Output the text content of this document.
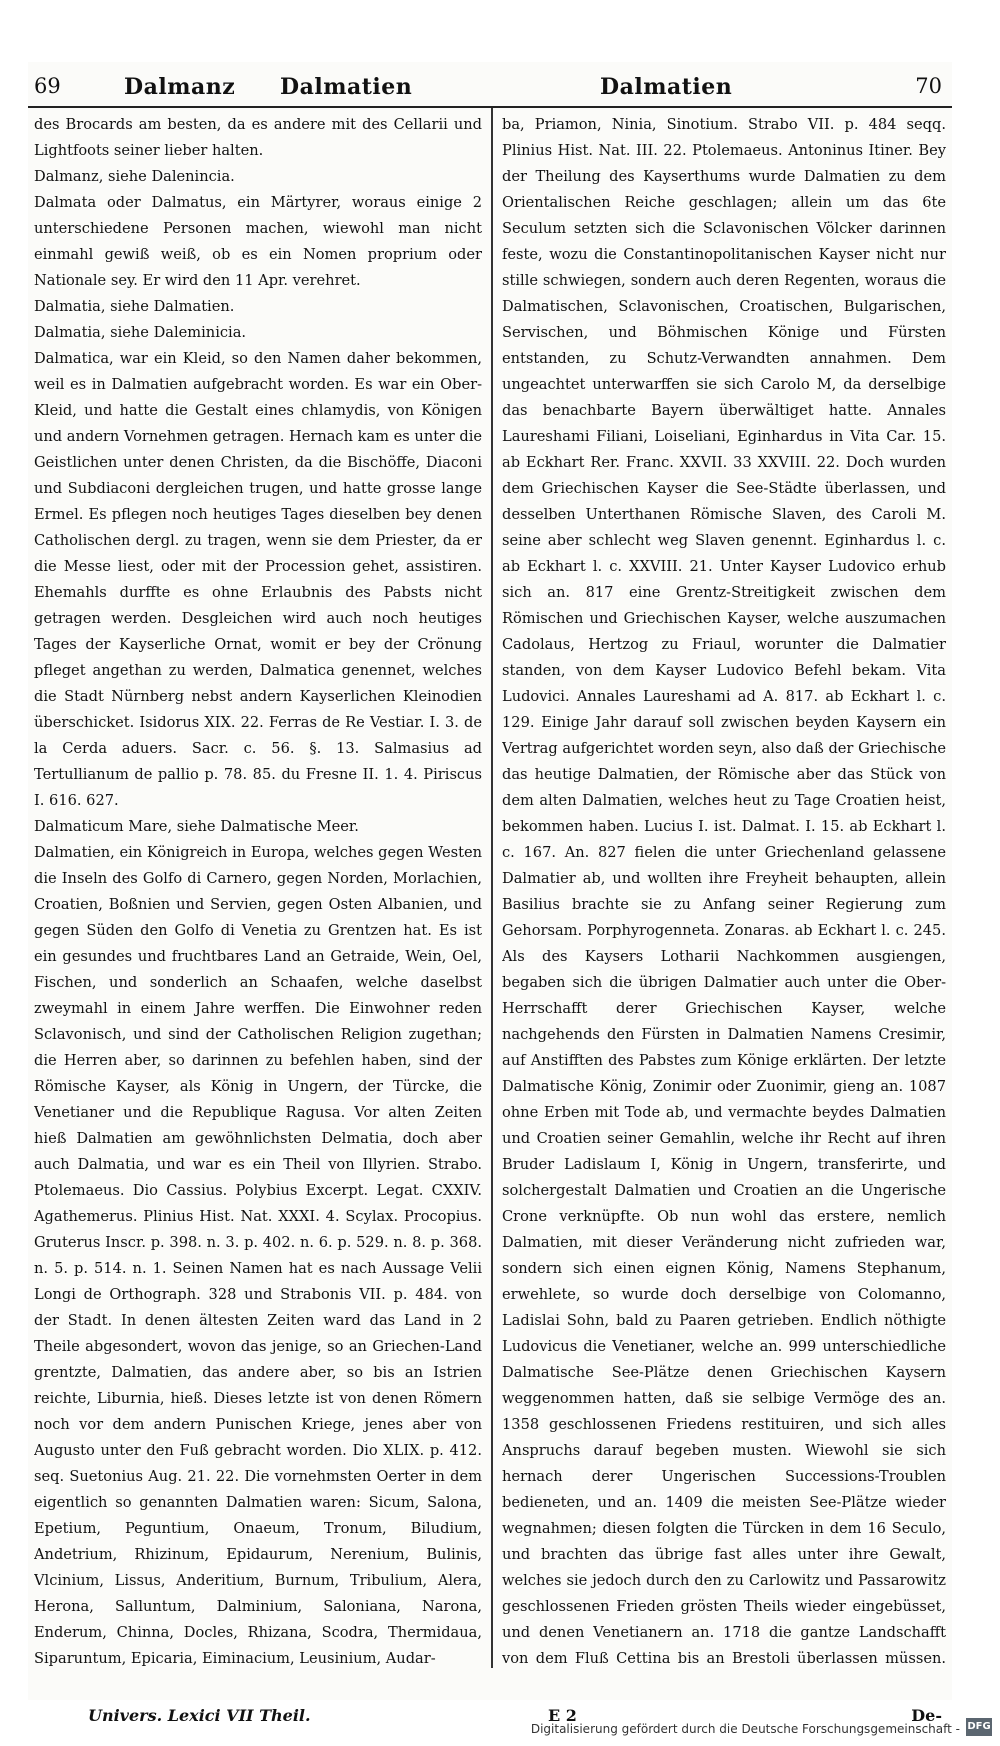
69	Dalmanz Dalmatien	Dalmatien	70

des Brocards am besten, da es andere mit des Cellarii und Lightfoots seiner lieber halten.

Dalmanz, siehe Dalenincia.

Dalmata oder Dalmatus, ein Märtyrer, woraus einige 2 unterschiedene Personen machen, wiewohl man nicht einmahl gewiß weiß, ob es ein Nomen proprium oder Nationale sey. Er wird den 11 Apr. verehret.

Dalmatia, siehe Dalmatien.

Dalmatia, siehe Daleminicia.

Dalmatica, war ein Kleid, so den Namen daher bekommen, weil es in Dalmatien aufgebracht worden. Es war ein Ober-Kleid, und hatte die Gestalt eines chlamydis, von Königen und andern Vornehmen getragen. Hernach kam es unter die Geistlichen unter denen Christen, da die Bischöffe, Diaconi und Subdiaconi dergleichen trugen, und hatte grosse lange Ermel. Es pflegen noch heutiges Tages dieselben bey denen Catholischen dergl. zu tragen, wenn sie dem Priester, da er die Messe liest, oder mit der Procession gehet, assistiren. Ehemahls durffte es ohne Erlaubnis des Pabsts nicht getragen werden. Desgleichen wird auch noch heutiges Tages der Kayserliche Ornat, womit er bey der Crönung pfleget angethan zu werden, Dalmatica genennet, welches die Stadt Nürnberg nebst andern Kayserlichen Kleinodien überschicket. Isidorus XIX. 22. Ferras de Re Vestiar. I. 3. de la Cerda aduers. Sacr. c. 56. §. 13. Salmasius ad Tertullianum de pallio p. 78. 85. du Fresne II. 1. 4. Piriscus I. 616. 627.

Dalmaticum Mare, siehe Dalmatische Meer.

Dalmatien, ein Königreich in Europa, welches gegen Westen die Inseln des Golfo di Carnero, gegen Norden, Morlachien, Croatien, Boßnien und Servien, gegen Osten Albanien, und gegen Süden den Golfo di Venetia zu Grentzen hat. Es ist ein gesundes und fruchtbares Land an Getraide, Wein, Oel, Fischen, und sonderlich an Schaafen, welche daselbst zweymahl in einem Jahre werffen. Die Einwohner reden Sclavonisch, und sind der Catholischen Religion zugethan; die Herren aber, so darinnen zu befehlen haben, sind der Römische Kayser, als König in Ungern, der Türcke, die Venetianer und die Republique Ragusa. Vor alten Zeiten hieß Dalmatien am gewöhnlichsten Delmatia, doch aber auch Dalmatia, und war es ein Theil von Illyrien. Strabo. Ptolemaeus. Dio Cassius. Polybius Excerpt. Legat. CXXIV. Agathemerus. Plinius Hist. Nat. XXXI. 4. Scylax. Procopius. Gruterus Inscr. p. 398. n. 3. p. 402. n. 6. p. 529. n. 8. p. 368. n. 5. p. 514. n. 1. Seinen Namen hat es nach Aussage Velii Longi de Orthograph. 328 und Strabonis VII. p. 484. von der Stadt. In denen ältesten Zeiten ward das Land in 2 Theile abgesondert, wovon das jenige, so an Griechen-Land grentzte, Dalmatien, das andere aber, so bis an Istrien reichte, Liburnia, hieß. Dieses letzte ist von denen Römern noch vor dem andern Punischen Kriege, jenes aber von Augusto unter den Fuß gebracht worden. Dio XLIX. p. 412. seq. Suetonius Aug. 21. 22. Die vornehmsten Oerter in dem eigentlich so genannten Dalmatien waren: Sicum, Salona, Epetium, Peguntium, Onaeum, Tronum, Biludium, Andetrium, Rhizinum, Epidaurum, Nerenium, Bulinis, Vlcinium, Lissus, Anderitium, Burnum, Tribulium, Alera, Herona, Salluntum, Dalminium, Saloniana, Narona, Enderum, Chinna, Docles, Rhizana, Scodra, Thermidaua, Siparuntum, Epicaria, Eiminacium, Leusinium, Audar-

ba, Priamon, Ninia, Sinotium. Strabo VII. p. 484 seqq. Plinius Hist. Nat. III. 22. Ptolemaeus. Antoninus Itiner. Bey der Theilung des Kayserthums wurde Dalmatien zu dem Orientalischen Reiche geschlagen; allein um das 6te Seculum setzten sich die Sclavonischen Völcker darinnen feste, wozu die Constantinopolitanischen Kayser nicht nur stille schwiegen, sondern auch deren Regenten, woraus die Dalmatischen, Sclavonischen, Croatischen, Bulgarischen, Servischen, und Böhmischen Könige und Fürsten entstanden, zu Schutz-Verwandten annahmen. Dem ungeachtet unterwarffen sie sich Carolo M, da derselbige das benachbarte Bayern überwältiget hatte. Annales Laureshami Filiani, Loiseliani, Eginhardus in Vita Car. 15. ab Eckhart Rer. Franc. XXVII. 33 XXVIII. 22. Doch wurden dem Griechischen Kayser die See-Städte überlassen, und desselben Unterthanen Römische Slaven, des Caroli M. seine aber schlecht weg Slaven genennt. Eginhardus l. c. ab Eckhart l. c. XXVIII. 21. Unter Kayser Ludovico erhub sich an. 817 eine Grentz-Streitigkeit zwischen dem Römischen und Griechischen Kayser, welche auszumachen Cadolaus, Hertzog zu Friaul, worunter die Dalmatier standen, von dem Kayser Ludovico Befehl bekam. Vita Ludovici. Annales Laureshami ad A. 817. ab Eckhart l. c. 129. Einige Jahr darauf soll zwischen beyden Kaysern ein Vertrag aufgerichtet worden seyn, also daß der Griechische das heutige Dalmatien, der Römische aber das Stück von dem alten Dalmatien, welches heut zu Tage Croatien heist, bekommen haben. Lucius I. ist. Dalmat. I. 15. ab Eckhart l. c. 167. An. 827 fielen die unter Griechenland gelassene Dalmatier ab, und wollten ihre Freyheit behaupten, allein Basilius brachte sie zu Anfang seiner Regierung zum Gehorsam. Porphyrogenneta. Zonaras. ab Eckhart l. c. 245. Als des Kaysers Lotharii Nachkommen ausgiengen, begaben sich die übrigen Dalmatier auch unter die Ober-Herrschafft derer Griechischen Kayser, welche nachgehends den Fürsten in Dalmatien Namens Cresimir, auf Anstifften des Pabstes zum Könige erklärten. Der letzte Dalmatische König, Zonimir oder Zuonimir, gieng an. 1087 ohne Erben mit Tode ab, und vermachte beydes Dalmatien und Croatien seiner Gemahlin, welche ihr Recht auf ihren Bruder Ladislaum I, König in Ungern, transferirte, und solchergestalt Dalmatien und Croatien an die Ungerische Crone verknüpfte. Ob nun wohl das erstere, nemlich Dalmatien, mit dieser Veränderung nicht zufrieden war, sondern sich einen eignen König, Namens Stephanum, erwehlete, so wurde doch derselbige von Colomanno, Ladislai Sohn, bald zu Paaren getrieben. Endlich nöthigte Ludovicus die Venetianer, welche an. 999 unterschiedliche Dalmatische See-Plätze denen Griechischen Kaysern weggenommen hatten, daß sie selbige Vermöge des an. 1358 geschlossenen Friedens restituiren, und sich alles Anspruchs darauf begeben musten. Wiewohl sie sich hernach derer Ungerischen Successions-Troublen bedieneten, und an. 1409 die meisten See-Plätze wieder wegnahmen; diesen folgten die Türcken in dem 16 Seculo, und brachten das übrige fast alles unter ihre Gewalt, welches sie jedoch durch den zu Carlowitz und Passarowitz geschlossenen Frieden grösten Theils wieder eingebüsset, und denen Venetianern an. 1718 die gantze Landschafft von dem Fluß Cettina bis an Brestoli überlassen müssen.

Univers. Lexici VII Theil.	E 2	De-
Digitalisierung gefördert durch die Deutsche Forschungsgemeinschaft - DFG
